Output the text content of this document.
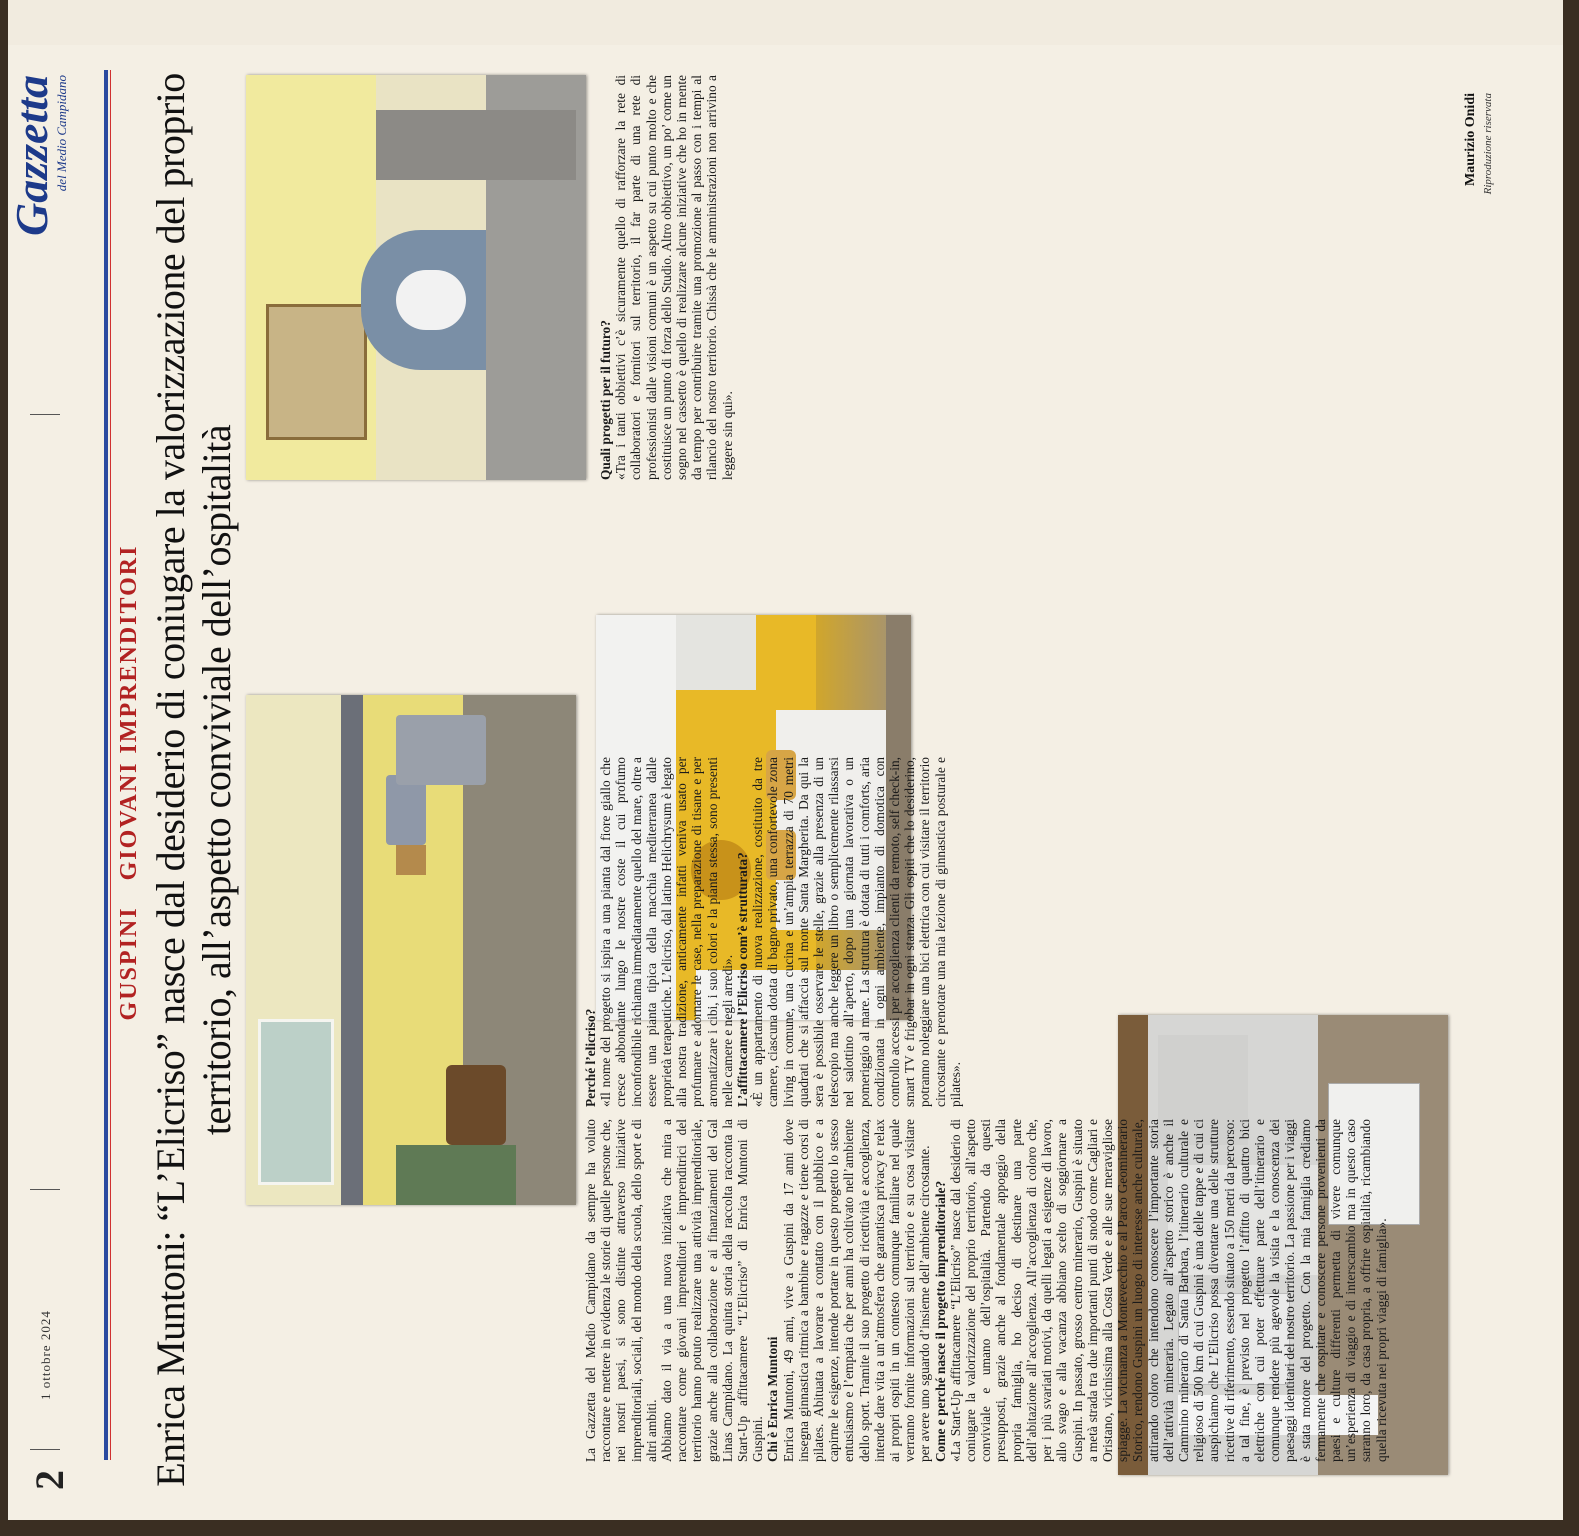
2
1 ottobre 2024
Gazzetta
del Medio Campidano
GUSPINI GIOVANI IMPRENDITORI Enrica Muntoni: “L’Elicriso” nasce dal desiderio di coniugare la valorizzazione del proprio territorio, all’aspetto conviviale dell’ospitalità

La Gazzetta del Medio Campidano da sempre ha voluto raccontare e mettere in evidenza le storie di quelle persone che, nei nostri paesi, si sono distinte attraverso iniziative imprenditoriali, sociali, del mondo della scuola, dello sport e di altri ambiti. Abbiamo dato il via a una nuova iniziativa che mira a raccontare come giovani imprenditori e imprenditrici del territorio hanno potuto realizzare una attività imprenditoriale, grazie anche alla collaborazione e ai finanziamenti del Gal Linas Campidano. La quinta storia della raccolta racconta la Start-Up affittacamere “L’Elicriso” di Enrica Muntoni di Guspini. Chi è Enrica Muntoni Enrica Muntoni, 49 anni, vive a Guspini da 17 anni dove insegna ginnastica ritmica a bambine e ragazze e tiene corsi di pilates. Abituata a lavorare a contatto con il pubblico e a capirne le esigenze, intende portare in questo progetto lo stesso entusiasmo e l’empatia che per anni ha coltivato nell’ambiente dello sport. Tramite il suo progetto di ricettività e accoglienza, intende dare vita a un’atmosfera che garantisca privacy e relax ai propri ospiti in un contesto comunque familiare nel quale verranno fornite informazioni sul territorio e su cosa visitare per avere uno sguardo d’insieme dell’ambiente circostante. Come e perché nasce il progetto imprenditoriale? «La Start-Up affittacamere “L’Elicriso” nasce dal desiderio di coniugare la valorizzazione del proprio territorio, all’aspetto conviviale e umano dell’ospitalità. Partendo da questi presupposti, grazie anche al fondamentale appoggio della propria famiglia, ho deciso di destinare una parte dell’abitazione all’accoglienza. All’accoglienza di coloro che, per i più svariati motivi, da quelli legati a esigenze di lavoro, allo svago e alla vacanza abbiano scelto di soggiornare a Guspini. In passato, grosso centro minerario, Guspini è situato a metà strada tra due importanti punti di snodo come Cagliari e Oristano, vicinissima alla Costa Verde e alle sue meravigliose spiagge. La vicinanza a Montevecchio e al Parco Geominerario Storico, rendono Guspini un luogo di interesse anche culturale, attirando coloro che intendono conoscere l’importante storia dell’attività mineraria. Legato all’aspetto storico è anche il Cammino minerario di Santa Barbara, l’itinerario culturale e religioso di 500 km di cui Guspini è una delle tappe e di cui ci auspichiamo che L’Elicriso possa diventare una delle strutture ricettive di riferimento, essendo situato a 150 metri da percorso: a tal fine, è previsto nel progetto l’affitto di quattro bici elettriche con cui poter effettuare parte dell’itinerario e comunque rendere più agevole la visita e la conoscenza dei paesaggi identitari del nostro territorio. La passione per i viaggi è stata motore del progetto. Con la mia famiglia crediamo fermamente che ospitare e conoscere persone provenienti da paesi e culture differenti permetta di vivere comunque un’esperienza di viaggio e di interscambio ma in questo caso saranno loro, da casa propria, a offrire ospitalità, ricambiando quella ricevuta nei propri viaggi di famiglia».

Perché l’elicriso? «Il nome del progetto si ispira a una pianta dal fiore giallo che cresce abbondante lungo le nostre coste il cui profumo inconfondibile richiama immediatamente quello del mare, oltre a essere una pianta tipica della macchia mediterranea dalle proprietà terapeutiche. L’elicriso, dal latino Helichrysum è legato alla nostra tradizione, anticamente infatti veniva usato per profumare e adornare le case, nella preparazione di tisane e per aromatizzare i cibi, i suoi colori e la pianta stessa, sono presenti nelle camere e negli arredi». L’affittacamere l’Elicriso com’è strutturata? «È un appartamento di nuova realizzazione, costituito da tre camere, ciascuna dotata di bagno privato, una confortevole zona living in comune, una cucina e un’ampia terrazza di 70 metri quadrati che si affaccia sul monte Santa Margherita. Da qui la sera è possibile osservare le stelle, grazie alla presenza di un telescopio ma anche leggere un libro o semplicemente rilassarsi nel salottino all’aperto, dopo una giornata lavorativa o un pomeriggio al mare. La struttura è dotata di tutti i comforts, aria condizionata in ogni ambiente, impianto di domotica con controllo accessi per accoglienza clienti da remoto, self check-in, smart TV e frigobar in ogni stanza. Gli ospiti che lo desiderino, potranno noleggiare una bici elettrica con cui visitare il territorio circostante e prenotare una mia lezione di ginnastica posturale e pilates».

Quali progetti per il futuro? «Tra i tanti obbiettivi c’è sicuramente quello di rafforzare la rete di collaboratori e fornitori sul territorio, il far parte di una rete di professionisti dalle visioni comuni è un aspetto su cui punto molto e che costituisce un punto di forza dello Studio. Altro obbiettivo, un po’ come un sogno nel cassetto è quello di realizzare alcune iniziative che ho in mente da tempo per contribuire tramite una promozione al passo con i tempi al rilancio del nostro territorio. Chissà che le amministrazioni non arrivino a leggere sin qui».

Maurizio Onidi Riproduzione riservata
